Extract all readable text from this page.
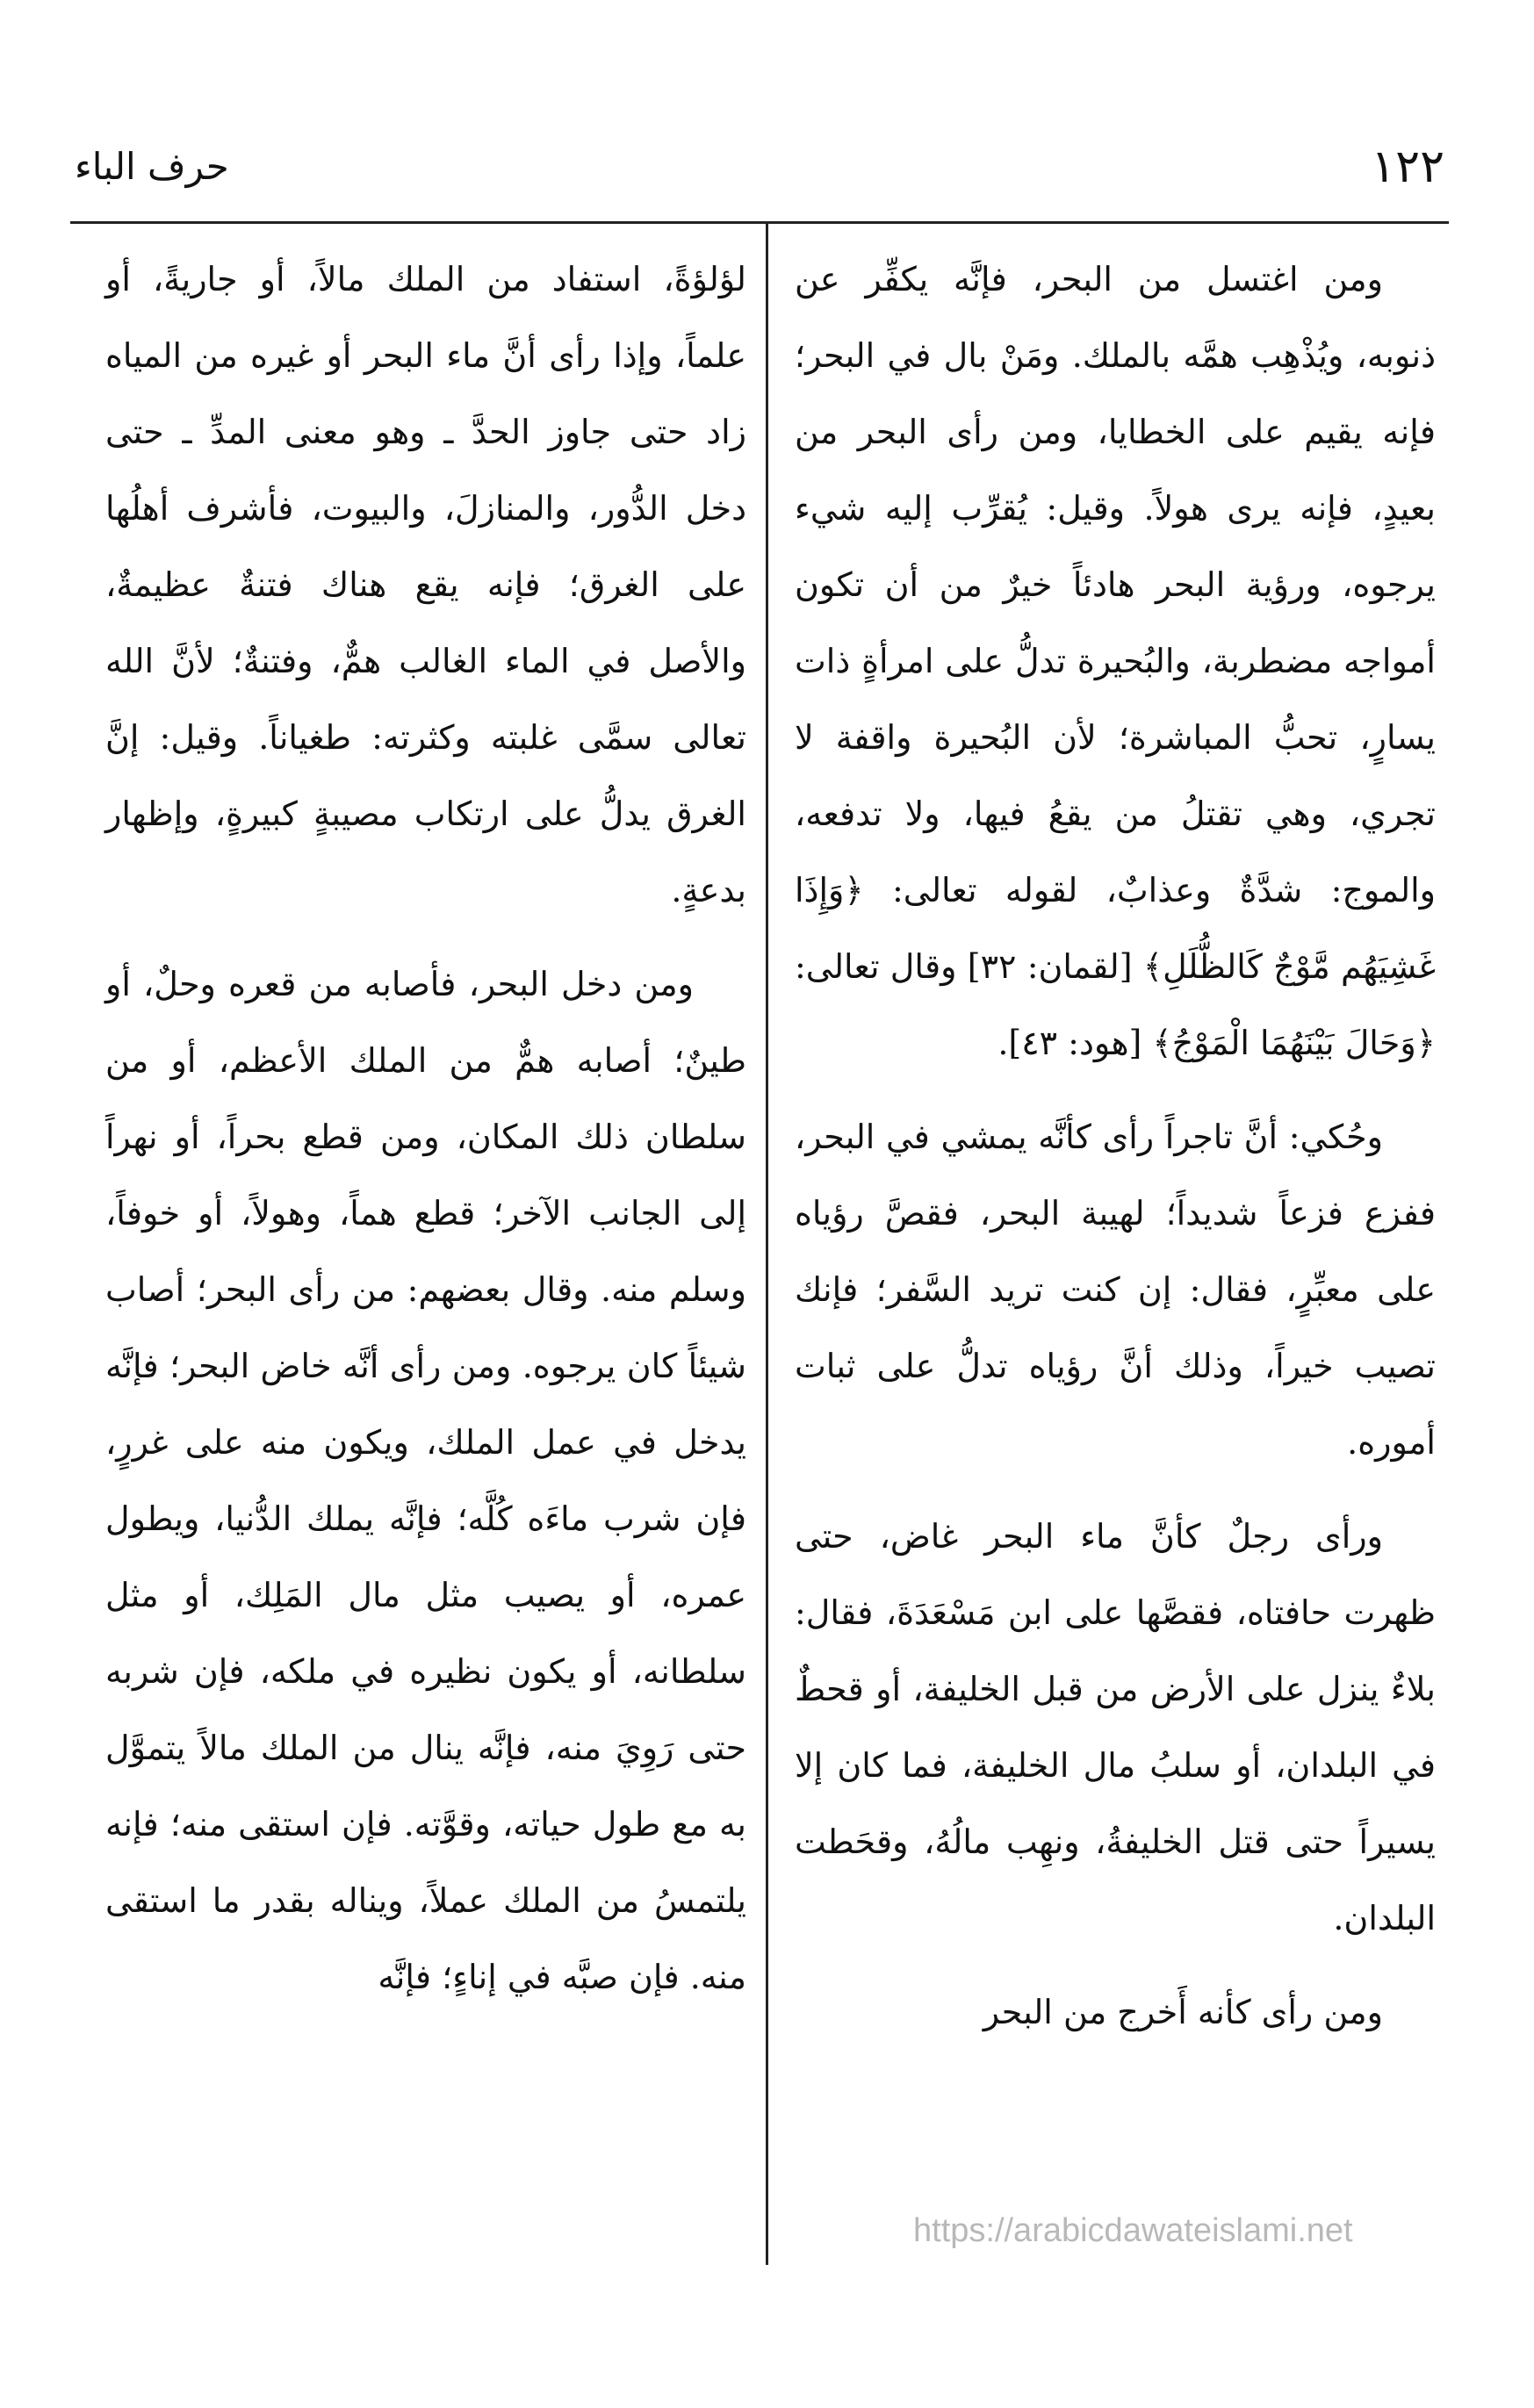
١٢٢
حرف الباء

ومن اغتسل من البحر، فإنَّه يكفِّر عن ذنوبه، ويُذْهِب همَّه بالملك. ومَنْ بال في البحر؛ فإنه يقيم على الخطايا، ومن رأى البحر من بعيدٍ، فإنه يرى هولاً. وقيل: يُقرِّب إليه شيء يرجوه، ورؤية البحر هادئاً خيرٌ من أن تكون أمواجه مضطربة، والبُحيرة تدلُّ على امرأةٍ ذات يسارٍ، تحبُّ المباشرة؛ لأن البُحيرة واقفة لا تجري، وهي تقتلُ من يقعُ فيها، ولا تدفعه، والموج: شدَّةٌ وعذابٌ، لقوله تعالى: ﴿وَإِذَا غَشِيَهُم مَّوْجٌ كَالظُّلَلِ﴾ [لقمان: ٣٢] وقال تعالى: ﴿وَحَالَ بَيْنَهُمَا الْمَوْجُ﴾ [هود: ٤٣].

وحُكي: أنَّ تاجراً رأى كأنَّه يمشي في البحر، ففزع فزعاً شديداً؛ لهيبة البحر، فقصَّ رؤياه على معبِّرٍ، فقال: إن كنت تريد السَّفر؛ فإنك تصيب خيراً، وذلك أنَّ رؤياه تدلُّ على ثبات أموره.

ورأى رجلٌ كأنَّ ماء البحر غاض، حتى ظهرت حافتاه، فقصَّها على ابن مَسْعَدَةَ، فقال: بلاءٌ ينزل على الأرض من قبل الخليفة، أو قحطٌ في البلدان، أو سلبُ مال الخليفة، فما كان إلا يسيراً حتى قتل الخليفةُ، ونهِب مالُهُ، وقحَطت البلدان.

ومن رأى كأنه أَخرج من البحر

لؤلؤةً، استفاد من الملك مالاً، أو جاريةً، أو علماً، وإذا رأى أنَّ ماء البحر أو غيره من المياه زاد حتى جاوز الحدَّ ـ وهو معنى المدِّ ـ حتى دخل الدُّور، والمنازلَ، والبيوت، فأشرف أهلُها على الغرق؛ فإنه يقع هناك فتنةٌ عظيمةٌ، والأصل في الماء الغالب همٌّ، وفتنةٌ؛ لأنَّ الله تعالى سمَّى غلبته وكثرته: طغياناً. وقيل: إنَّ الغرق يدلُّ على ارتكاب مصيبةٍ كبيرةٍ، وإظهار بدعةٍ.

ومن دخل البحر، فأصابه من قعره وحلٌ، أو طينٌ؛ أصابه همٌّ من الملك الأعظم، أو من سلطان ذلك المكان، ومن قطع بحراً، أو نهراً إلى الجانب الآخر؛ قطع هماً، وهولاً، أو خوفاً، وسلم منه. وقال بعضهم: من رأى البحر؛ أصاب شيئاً كان يرجوه. ومن رأى أنَّه خاض البحر؛ فإنَّه يدخل في عمل الملك، ويكون منه على غررٍ، فإن شرب ماءَه كُلَّه؛ فإنَّه يملك الدُّنيا، ويطول عمره، أو يصيب مثل مال المَلِك، أو مثل سلطانه، أو يكون نظيره في ملكه، فإن شربه حتى رَوِيَ منه، فإنَّه ينال من الملك مالاً يتموَّل به مع طول حياته، وقوَّته. فإن استقى منه؛ فإنه يلتمسُ من الملك عملاً، ويناله بقدر ما استقى منه. فإن صبَّه في إناءٍ؛ فإنَّه

https://arabicdawateislami.net
